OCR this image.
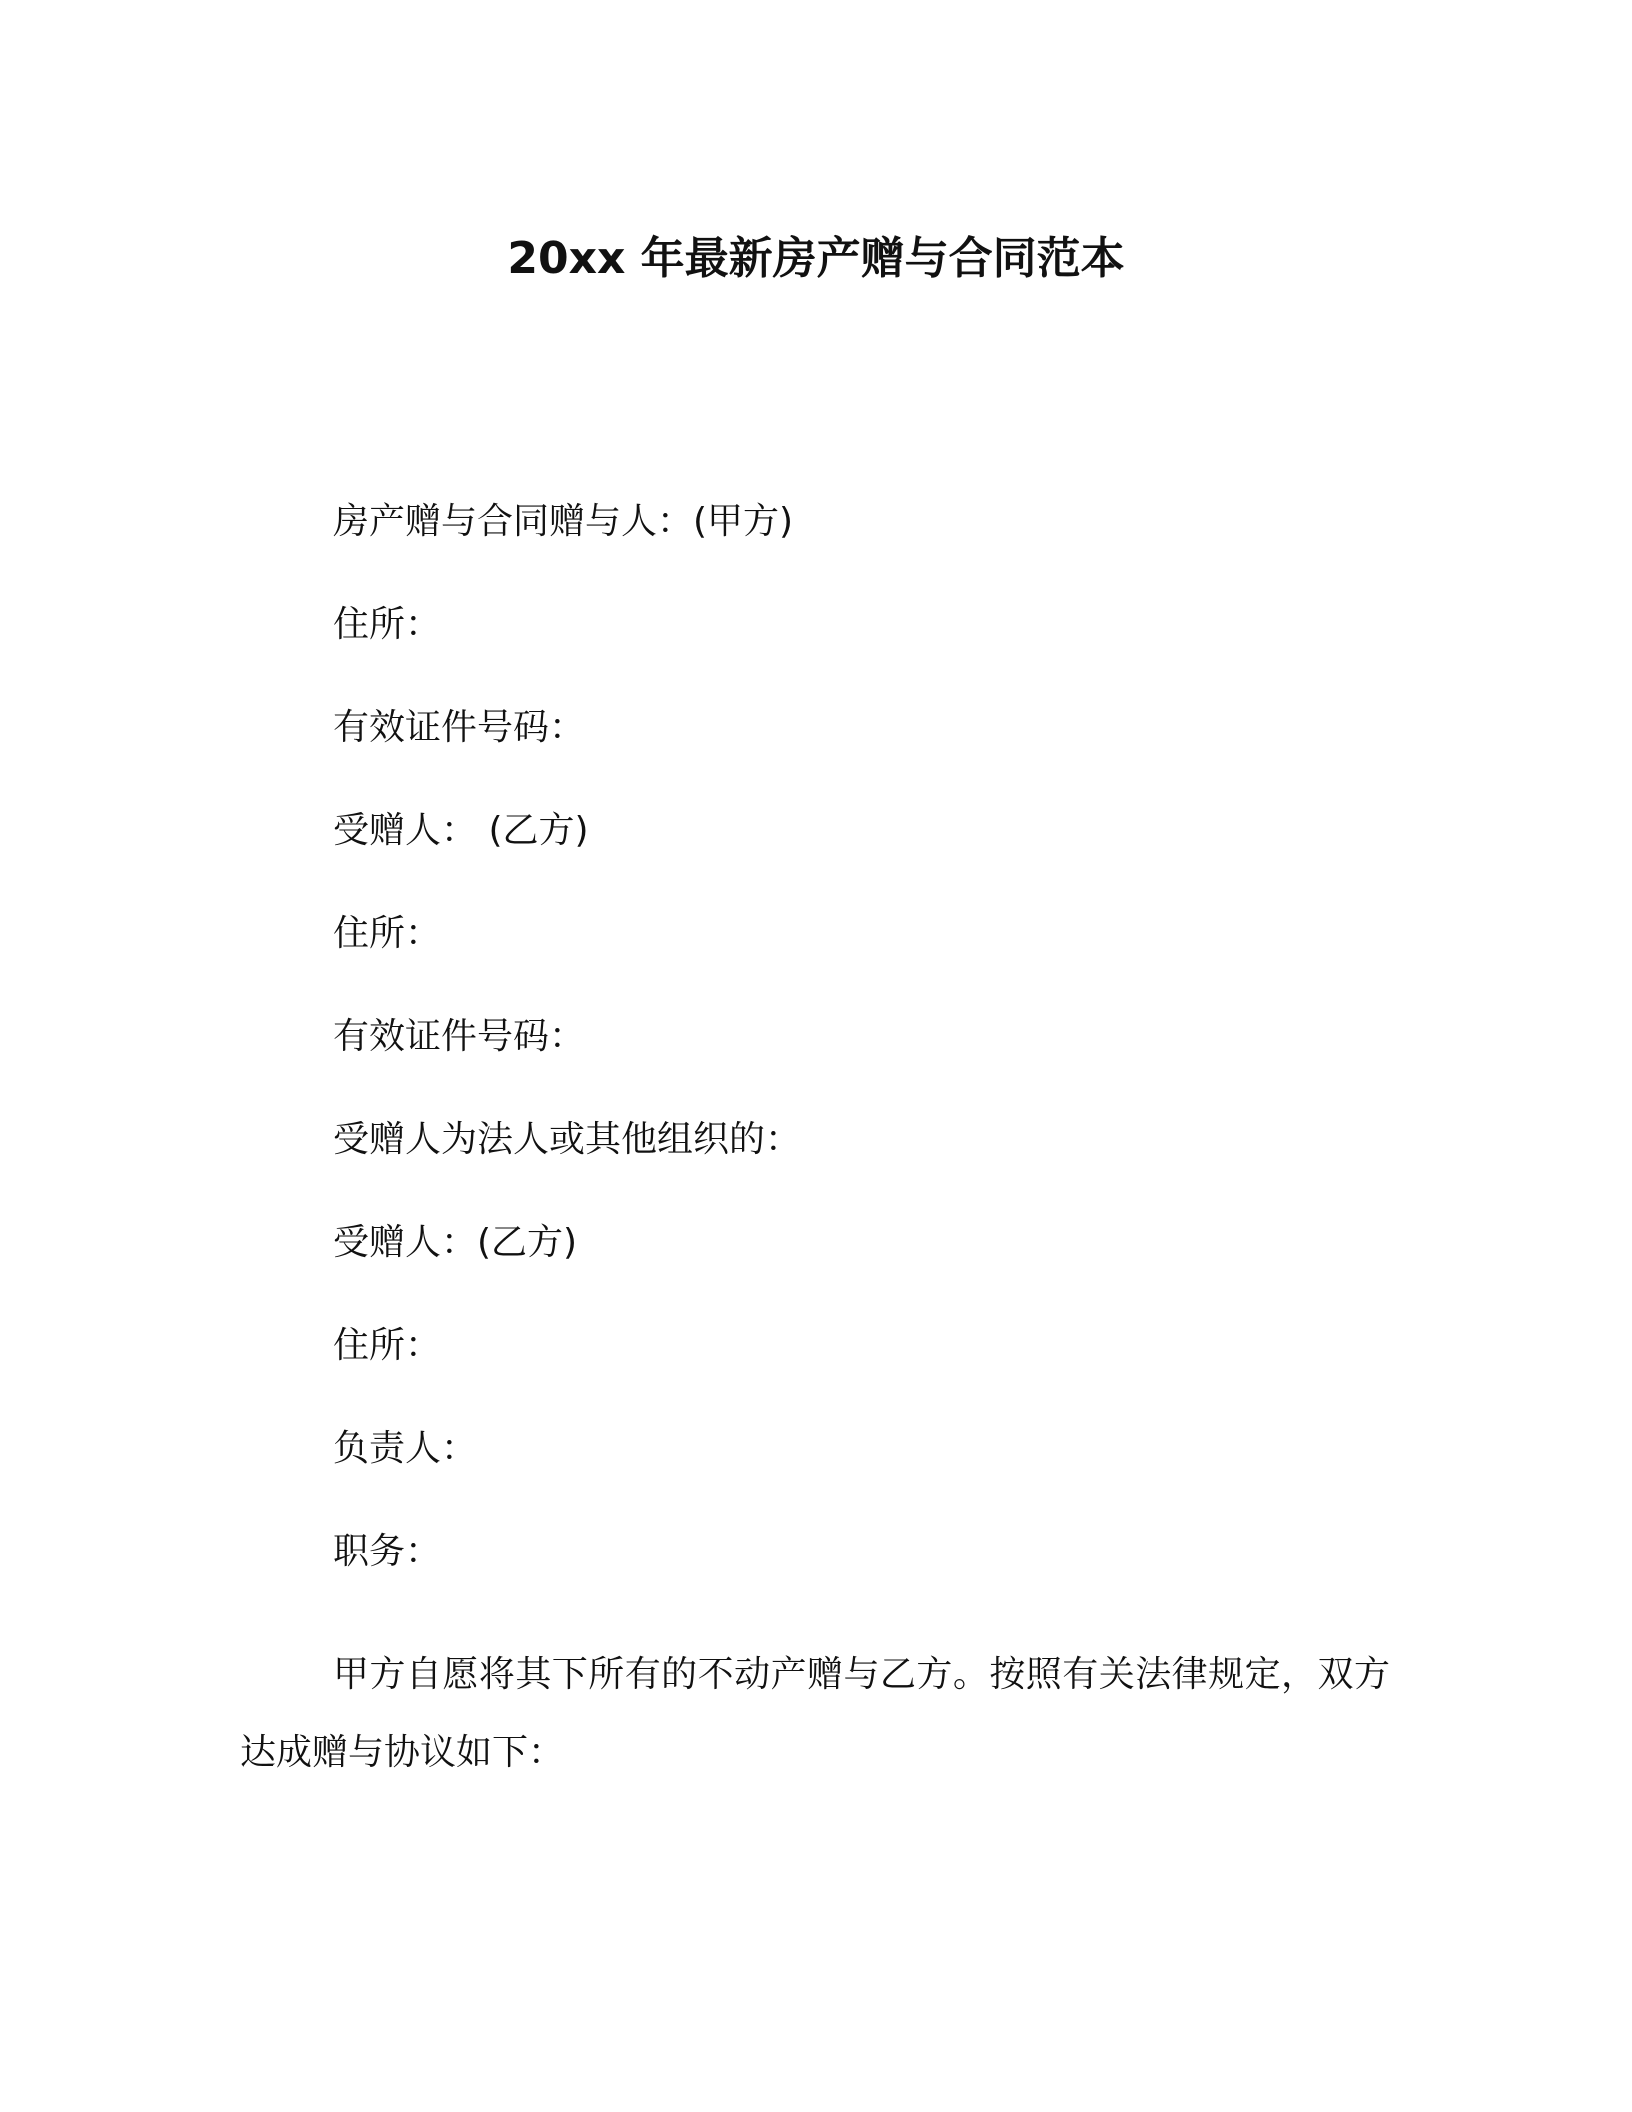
20xx 年最新房产赠与合同范本
房产赠与合同赠与人：(甲方)
住所：
有效证件号码：
受赠人： (乙方)
住所：
有效证件号码：
受赠人为法人或其他组织的：
受赠人：(乙方)
住所：
负责人：
职务：
甲方自愿将其下所有的不动产赠与乙方。按照有关法律规定，双方达成赠与协议如下：
